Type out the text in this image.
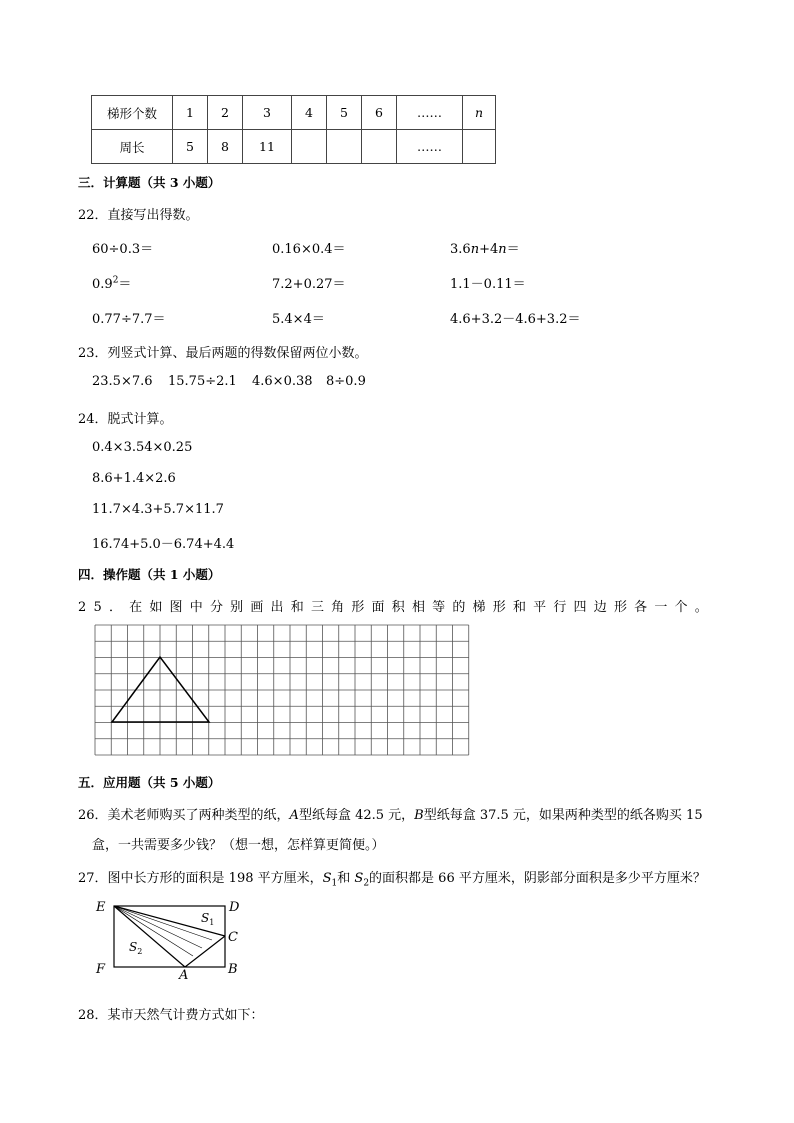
梯形个数	1	2	3	4	5	6	……	n
周长	5	8	11				……	
三．计算题（共 3 小题）
22．直接写出得数。
60÷0.3＝	0.16×0.4＝	3.6n+4n＝
$0.9^2=$	7.2+0.27＝	1.1－0.11＝
0.77÷7.7＝	5.4×4＝	4.6+3.2－4.6+3.2＝
23．列竖式计算、最后两题的得数保留两位小数。
23.5×7.6 15.75÷2.1 4.6×0.38 8÷0.9
24．脱式计算。
0.4×3.54×0.25
8.6+1.4×2.6
11.7×4.3+5.7×11.7
16.74+5.0－6.74+4.4
四．操作题（共 1 小题）
25．在如图中分别画出和三角形面积相等的梯形和平行四边形各一个。
五．应用题（共 5 小题）
26．美术老师购买了两种类型的纸，A型纸每盒 42.5 元，B型纸每盒 37.5 元，如果两种类型的纸各购买 15
盒，一共需要多少钱？（想一想，怎样算更简便。）
27．图中长方形的面积是 198 平方厘米，$S_1$和 $S_2$的面积都是 66 平方厘米，阴影部分面积是多少平方厘米？
E	D
C
F	A	B
$S_1$
$S_2$
28．某市天然气计费方式如下：
